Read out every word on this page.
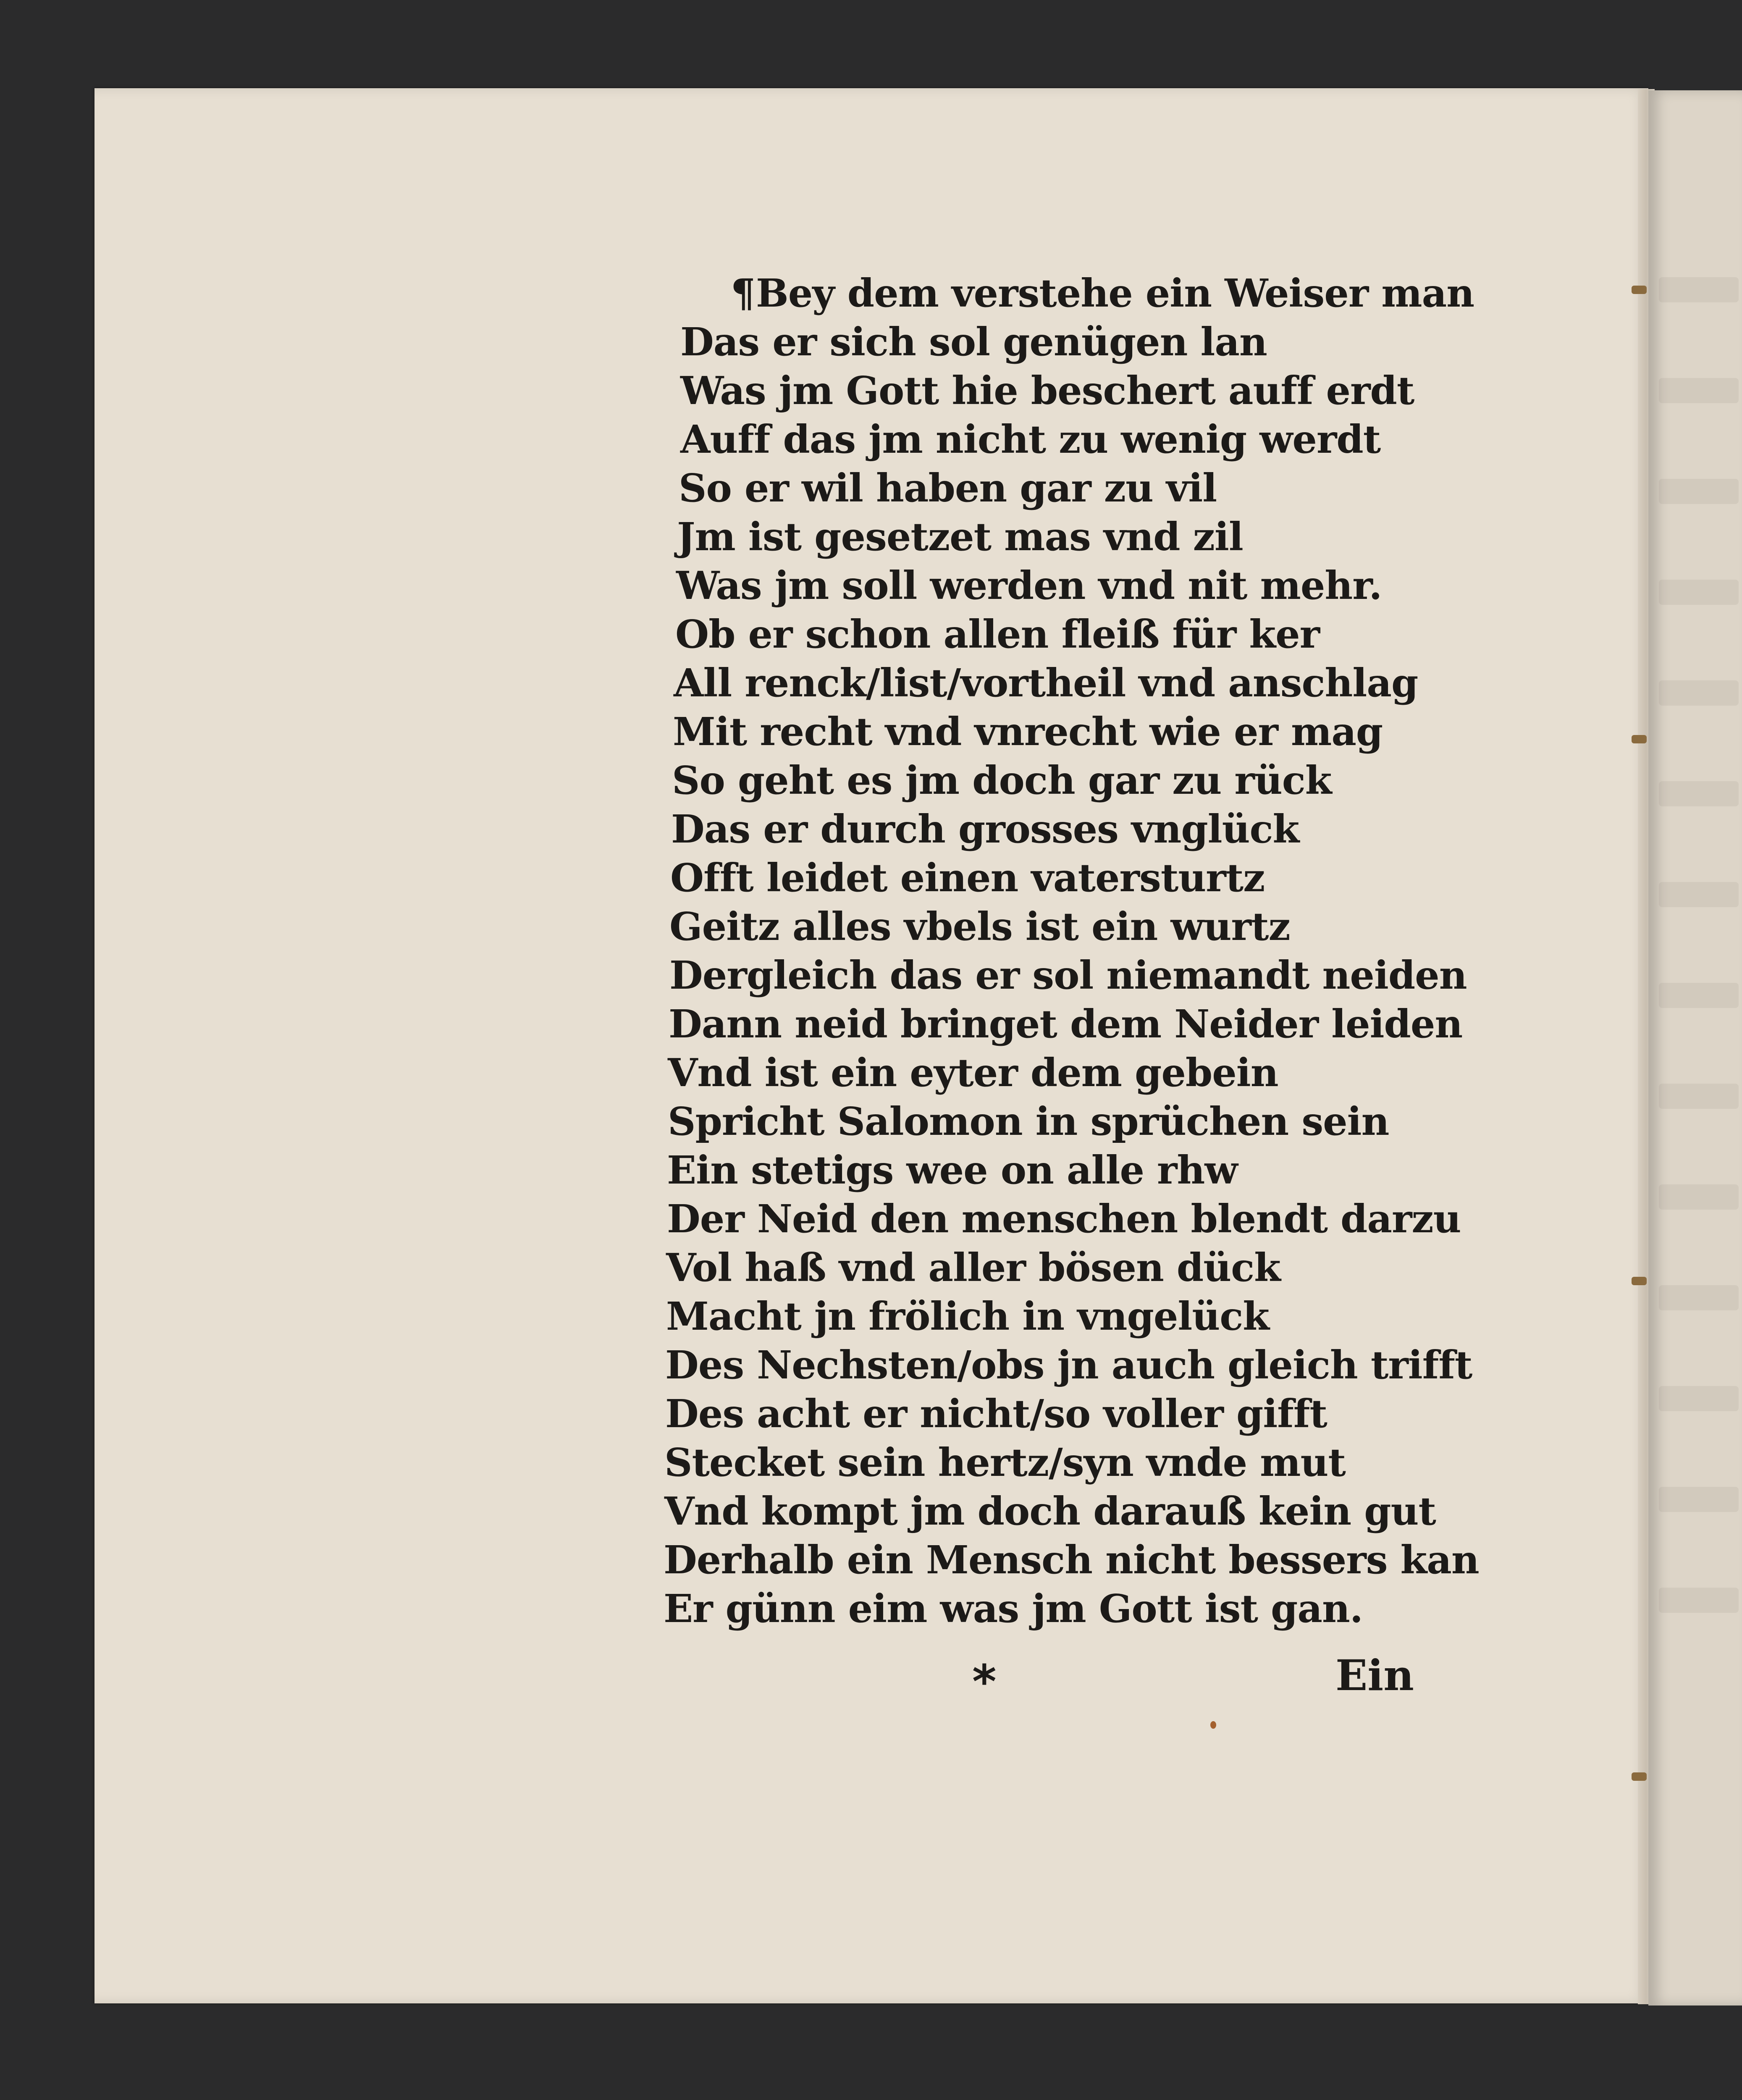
¶Bey dem verstehe ein Weiser man
Das er sich sol genügen lan
Was jm Gott hie beschert auff erdt
Auff das jm nicht zu wenig werdt
So er wil haben gar zu vil
Jm ist gesetzet mas vnd zil
Was jm soll werden vnd nit mehr.
Ob er schon allen fleiß für ker
All renck/list/vortheil vnd anschlag
Mit recht vnd vnrecht wie er mag
So geht es jm doch gar zu rück
Das er durch grosses vnglück
Offt leidet einen vatersturtz
Geitz alles vbels ist ein wurtz
Dergleich das er sol niemandt neiden
Dann neid bringet dem Neider leiden
Vnd ist ein eyter dem gebein
Spricht Salomon in sprüchen sein
Ein stetigs wee on alle rhw
Der Neid den menschen blendt darzu
Vol haß vnd aller bösen dück
Macht jn frölich in vngelück
Des Nechsten/obs jn auch gleich trifft
Des acht er nicht/so voller gifft
Stecket sein hertz/syn vnde mut
Vnd kompt jm doch darauß kein gut
Derhalb ein Mensch nicht bessers kan
Er günn eim was jm Gott ist gan.
*	Ein
